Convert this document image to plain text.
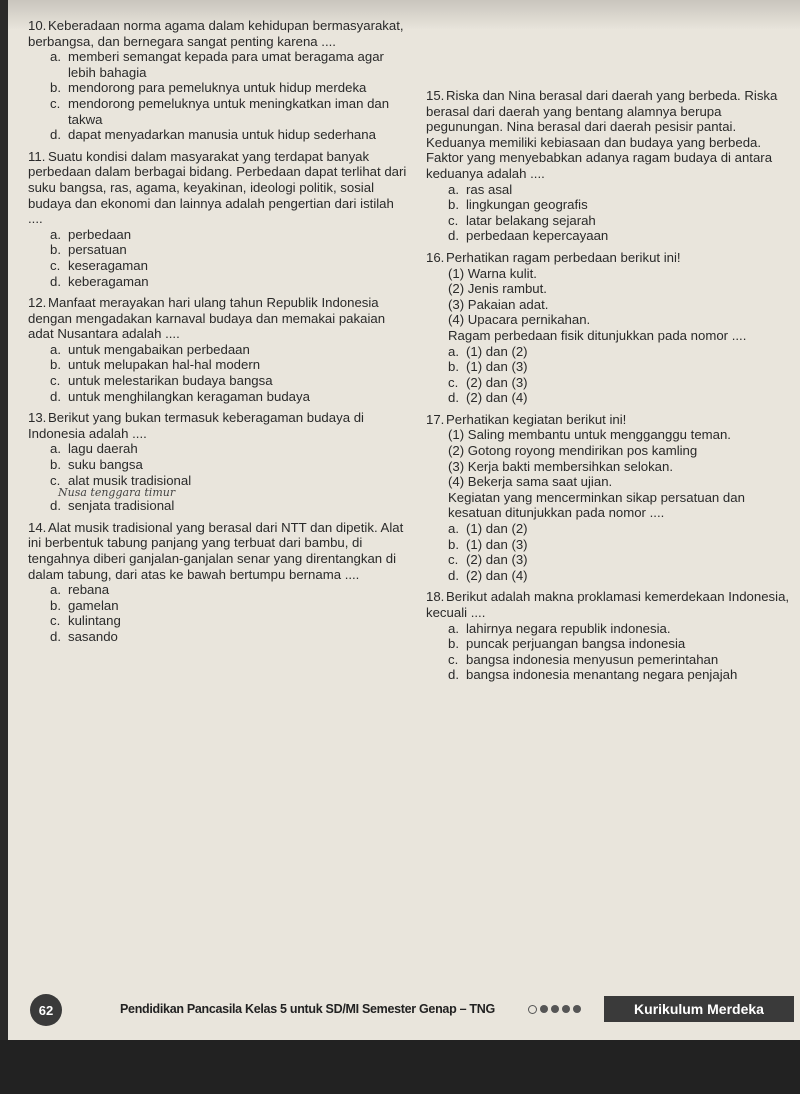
10. Keberadaan norma agama dalam kehidupan bermasyarakat, berbangsa, dan bernegara sangat penting karena ....
a. memberi semangat kepada para umat beragama agar lebih bahagia
b. mendorong para pemeluknya untuk hidup merdeka
c. mendorong pemeluknya untuk meningkatkan iman dan takwa
d. dapat menyadarkan manusia untuk hidup sederhana
11. Suatu kondisi dalam masyarakat yang terdapat banyak perbedaan dalam berbagai bidang. Perbedaan dapat terlihat dari suku bangsa, ras, agama, keyakinan, ideologi politik, sosial budaya dan ekonomi dan lainnya adalah pengertian dari istilah ....
a. perbedaan
b. persatuan
c. keseragaman
d. keberagaman
12. Manfaat merayakan hari ulang tahun Republik Indonesia dengan mengadakan karnaval budaya dan memakai pakaian adat Nusantara adalah ....
a. untuk mengabaikan perbedaan
b. untuk melupakan hal-hal modern
c. untuk melestarikan budaya bangsa
d. untuk menghilangkan keragaman budaya
13. Berikut yang bukan termasuk keberagaman budaya di Indonesia adalah ....
a. lagu daerah
b. suku bangsa
c. alat musik tradisional
Nusa tenggara timur
d. senjata tradisional
14. Alat musik tradisional yang berasal dari NTT dan dipetik. Alat ini berbentuk tabung panjang yang terbuat dari bambu, di tengahnya diberi ganjalan-ganjalan senar yang direntangkan di dalam tabung, dari atas ke bawah bertumpu bernama ....
a. rebana
b. gamelan
c. kulintang
d. sasando
15. Riska dan Nina berasal dari daerah yang berbeda. Riska berasal dari daerah yang bentang alamnya berupa pegunungan. Nina berasal dari daerah pesisir pantai. Keduanya memiliki kebiasaan dan budaya yang berbeda. Faktor yang menyebabkan adanya ragam budaya di antara keduanya adalah ....
a. ras asal
b. lingkungan geografis
c. latar belakang sejarah
d. perbedaan kepercayaan
16. Perhatikan ragam perbedaan berikut ini!
(1) Warna kulit.
(2) Jenis rambut.
(3) Pakaian adat.
(4) Upacara pernikahan.
Ragam perbedaan fisik ditunjukkan pada nomor ....
a. (1) dan (2)
b. (1) dan (3)
c. (2) dan (3)
d. (2) dan (4)
17. Perhatikan kegiatan berikut ini!
(1) Saling membantu untuk mengganggu teman.
(2) Gotong royong mendirikan pos kamling
(3) Kerja bakti membersihkan selokan.
(4) Bekerja sama saat ujian.
Kegiatan yang mencerminkan sikap persatuan dan kesatuan ditunjukkan pada nomor ....
a. (1) dan (2)
b. (1) dan (3)
c. (2) dan (3)
d. (2) dan (4)
18. Berikut adalah makna proklamasi kemerdekaan Indonesia, kecuali ....
a. lahirnya negara republik indonesia.
b. puncak perjuangan bangsa indonesia
c. bangsa indonesia menyusun pemerintahan
d. bangsa indonesia menantang negara penjajah
62	Pendidikan Pancasila Kelas 5 untuk SD/MI Semester Genap – TNG	Kurikulum Merdeka
